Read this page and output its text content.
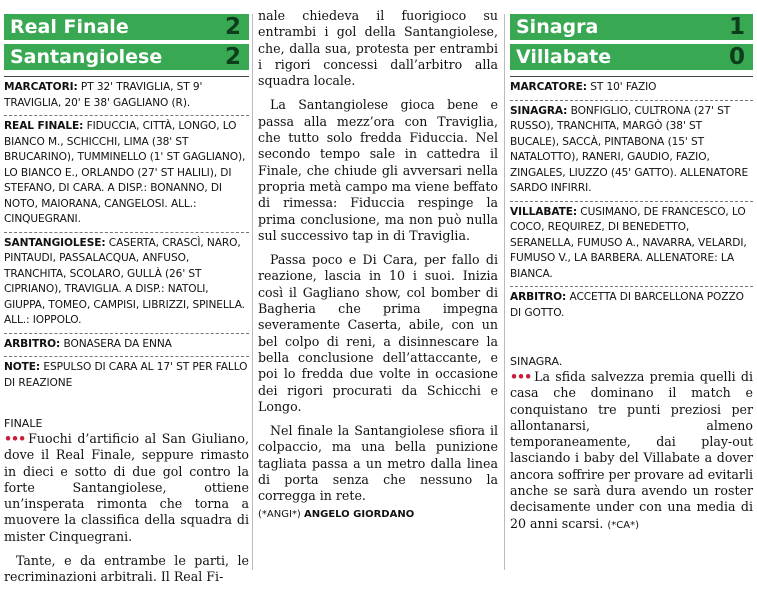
Real Finale	2
Santangiolese	2

MARCATORI: PT 32' TRAVIGLIA, ST 9' TRAVIGLIA, 20' E 38' GAGLIANO (R).

REAL FINALE: FIDUCCIA, CITTÀ, LONGO, LO BIANCO M., SCHICCHI, LIMA (38' ST BRUCARINO), TUMMINELLO (1' ST GAGLIANO), LO BIANCO E., ORLANDO (27' ST HALILI), DI STEFANO, DI CARA. A DISP.: BONANNO, DI NOTO, MAIORANA, CANGELOSI. ALL.: CINQUEGRANI.

SANTANGIOLESE: CASERTA, CRASCÌ, NARO, PINTAUDI, PASSALACQUA, ANFUSO, TRANCHITA, SCOLARO, GULLÀ (26' ST CIPRIANO), TRAVIGLIA. A DISP.: NATOLI, GIUPPA, TOMEO, CAMPISI, LIBRIZZI, SPINELLA. ALL.: IOPPOLO.

ARBITRO: BONASERA DA ENNA

NOTE: ESPULSO DI CARA AL 17' ST PER FALLO DI REAZIONE

FINALE

••• Fuochi d’artificio al San Giuliano, dove il Real Finale, seppure rimasto in dieci e sotto di due gol contro la forte Santangiolese, ottiene un’insperata rimonta che torna a muovere la classifica della squadra di mister Cinquegrani.

Tante, e da entrambe le parti, le recriminazioni arbitrali. Il Real Fi-

nale chiedeva il fuorigioco su entrambi i gol della Santangiolese, che, dalla sua, protesta per entrambi i rigori concessi dall’arbitro alla squadra locale.

La Santangiolese gioca bene e passa alla mezz’ora con Traviglia, che tutto solo fredda Fiduccia. Nel secondo tempo sale in cattedra il Finale, che chiude gli avversari nella propria metà campo ma viene beffato di rimessa: Fiduccia respinge la prima conclusione, ma non può nulla sul successivo tap in di Traviglia.

Passa poco e Di Cara, per fallo di reazione, lascia in 10 i suoi. Inizia così il Gagliano show, col bomber di Bagheria che prima impegna severamente Caserta, abile, con un bel colpo di reni, a disinnescare la bella conclusione dell’attaccante, e poi lo fredda due volte in occasione dei rigori procurati da Schicchi e Longo.

Nel finale la Santangiolese sfiora il colpaccio, ma una bella punizione tagliata passa a un metro dalla linea di porta senza che nessuno la corregga in rete.

(*ANGI*) ANGELO GIORDANO
Sinagra	1
Villabate	0

MARCATORE: ST 10' FAZIO

SINAGRA: BONFIGLIO, CULTRONA (27' ST RUSSO), TRANCHITA, MARGÒ (38' ST BUCALE), SACCÀ, PINTABONA (15' ST NATALOTTO), RANERI, GAUDIO, FAZIO, ZINGALES, LIUZZO (45' GATTO). ALLENATORE SARDO INFIRRI.

VILLABATE: CUSIMANO, DE FRANCESCO, LO COCO, REQUIREZ, DI BENEDETTO, SERANELLA, FUMUSO A., NAVARRA, VELARDI, FUMUSO V., LA BARBERA. ALLENATORE: LA BIANCA.

ARBITRO: ACCETTA DI BARCELLONA POZZO DI GOTTO.

SINAGRA.

••• La sfida salvezza premia quelli di casa che dominano il match e conquistano tre punti preziosi per allontanarsi, almeno temporaneamente, dai play-out lasciando i baby del Villabate a dover ancora soffrire per provare ad evitarli anche se sarà dura avendo un roster decisamente under con una media di 20 anni scarsi. (*CA*)
